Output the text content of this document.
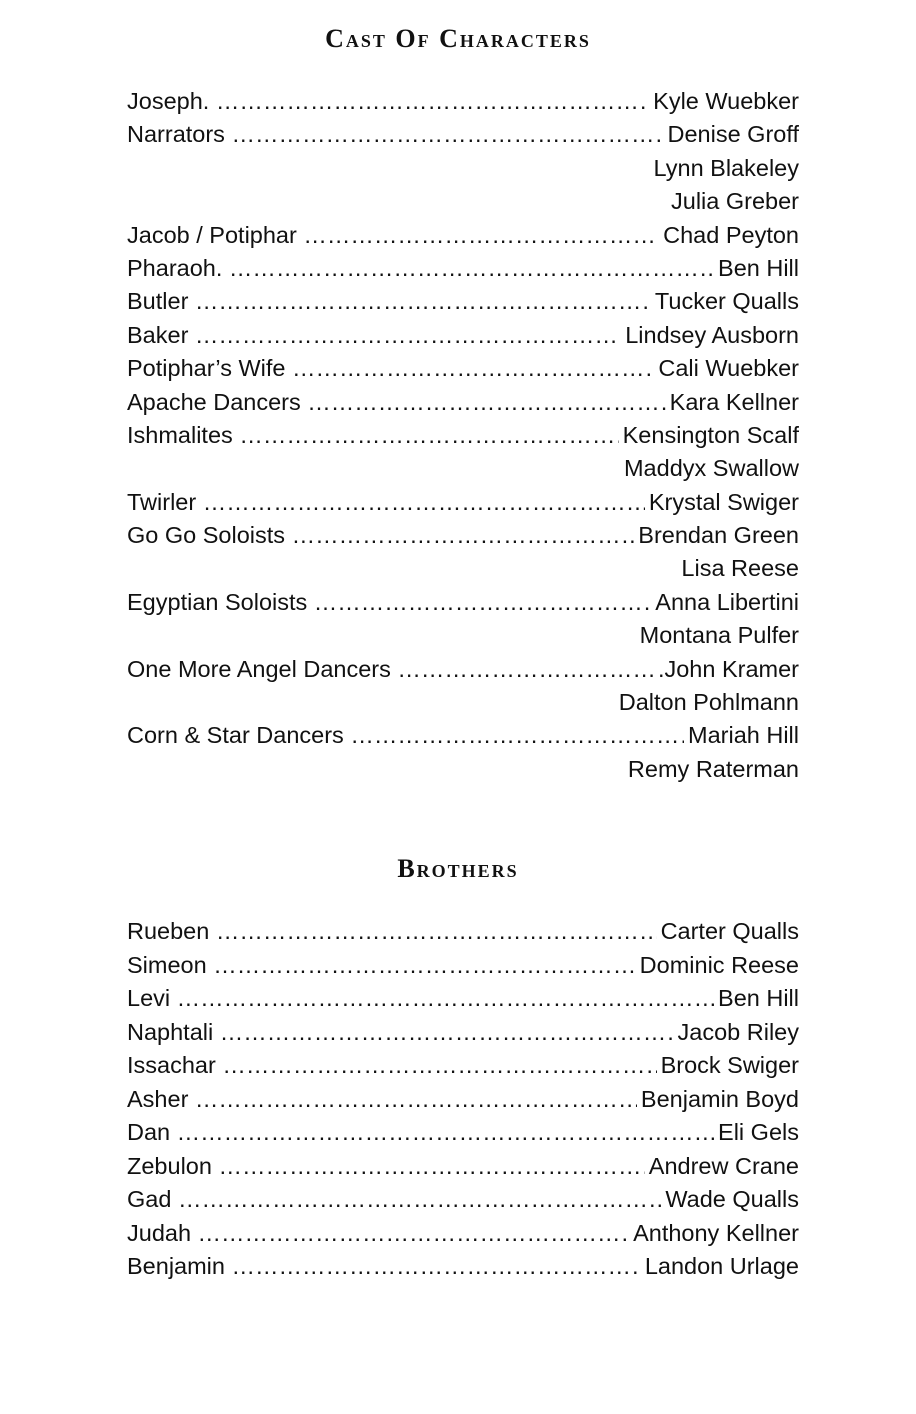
Cast Of Characters
Joseph. ………………………………………………………………………………………………………………………………………………………………	Kyle Wuebker
Narrators ………………………………………………………………………………………………………………………………………………………………	Denise Groff
Lynn Blakeley
Julia Greber
Jacob / Potiphar ………………………………………………………………………………………………………………………………………………………………	Chad Peyton
Pharaoh. ………………………………………………………………………………………………………………………………………………………………	Ben Hill
Butler ………………………………………………………………………………………………………………………………………………………………	Tucker Qualls
Baker ………………………………………………………………………………………………………………………………………………………………	Lindsey Ausborn
Potiphar’s Wife ………………………………………………………………………………………………………………………………………………………………	Cali Wuebker
Apache Dancers ………………………………………………………………………………………………………………………………………………………………	Kara Kellner
Ishmalites ………………………………………………………………………………………………………………………………………………………………	Kensington Scalf
Maddyx Swallow
Twirler ………………………………………………………………………………………………………………………………………………………………	Krystal Swiger
Go Go Soloists ………………………………………………………………………………………………………………………………………………………………	Brendan Green
Lisa Reese
Egyptian Soloists ………………………………………………………………………………………………………………………………………………………………	Anna Libertini
Montana Pulfer
One More Angel Dancers ………………………………………………………………………………………………………………………………………………………………	.John Kramer
Dalton Pohlmann
Corn & Star Dancers ………………………………………………………………………………………………………………………………………………………………	Mariah Hill
Remy Raterman
Brothers
Rueben ………………………………………………………………………………………………………………………………………………………………	Carter Qualls
Simeon ………………………………………………………………………………………………………………………………………………………………	Dominic Reese
Levi ………………………………………………………………………………………………………………………………………………………………	Ben Hill
Naphtali ………………………………………………………………………………………………………………………………………………………………	Jacob Riley
Issachar ………………………………………………………………………………………………………………………………………………………………	Brock Swiger
Asher ………………………………………………………………………………………………………………………………………………………………	Benjamin Boyd
Dan ………………………………………………………………………………………………………………………………………………………………	Eli Gels
Zebulon ………………………………………………………………………………………………………………………………………………………………	Andrew Crane
Gad ………………………………………………………………………………………………………………………………………………………………	Wade Qualls
Judah ………………………………………………………………………………………………………………………………………………………………	Anthony Kellner
Benjamin ………………………………………………………………………………………………………………………………………………………………	Landon Urlage
